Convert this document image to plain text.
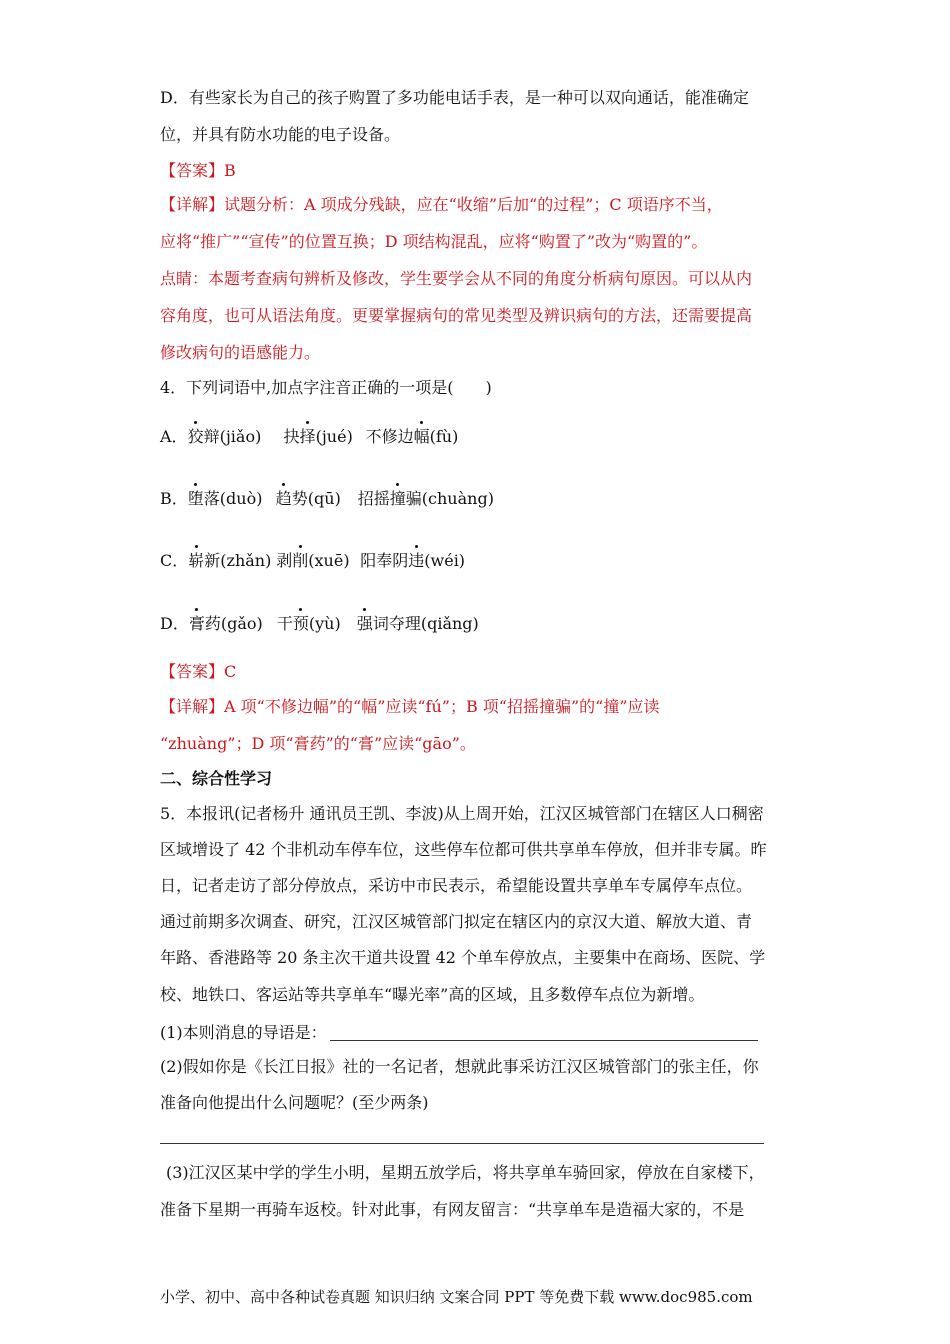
D．有些家长为自己的孩子购置了多功能电话手表，是一种可以双向通话，能准确定
位，并具有防水功能的电子设备。
【答案】B
【详解】试题分析：A 项成分残缺，应在“收缩”后加“的过程”；C 项语序不当，
应将“推广”“宣传”的位置互换；D 项结构混乱，应将“购置了”改为“购置的”。
点睛：本题考查病句辨析及修改，学生要学会从不同的角度分析病句原因。可以从内
容角度，也可从语法角度。更要掌握病句的常见类型及辨识病句的方法，还需要提高
修改病句的语感能力。
4．下列词语中,加点字注音正确的一项是(　　)
A．狡辩(jiǎo) 抉择(jué) 不修边幅(fù)
B．堕落(duò) 趋势(qū) 招摇撞骗(chuàng)
C．崭新(zhǎn) 剥削(xuē) 阳奉阴违(wéi)
D．膏药(gǎo) 干预(yù) 强词夺理(qiǎng)
【答案】C
【详解】A 项“不修边幅”的“幅”应读“fú”；B 项“招摇撞骗”的“撞”应读
“zhuàng”；D 项“膏药”的“膏”应读“gāo”。
二、综合性学习
5．本报讯(记者杨升 通讯员王凯、李波)从上周开始，江汉区城管部门在辖区人口稠密
区域增设了 42 个非机动车停车位，这些停车位都可供共享单车停放，但并非专属。昨
日，记者走访了部分停放点，采访中市民表示，希望能设置共享单车专属停车点位。
通过前期多次调查、研究，江汉区城管部门拟定在辖区内的京汉大道、解放大道、青
年路、香港路等 20 条主次干道共设置 42 个单车停放点，主要集中在商场、医院、学
校、地铁口、客运站等共享单车“曝光率”高的区域，且多数停车点位为新增。
(1)本则消息的导语是：
(2)假如你是《长江日报》社的一名记者，想就此事采访江汉区城管部门的张主任，你
准备向他提出什么问题呢？(至少两条)
(3)江汉区某中学的学生小明，星期五放学后，将共享单车骑回家，停放在自家楼下，
准备下星期一再骑车返校。针对此事，有网友留言：“共享单车是造福大家的，不是
小学、初中、高中各种试卷真题 知识归纳 文案合同 PPT 等免费下载 www.doc985.com
